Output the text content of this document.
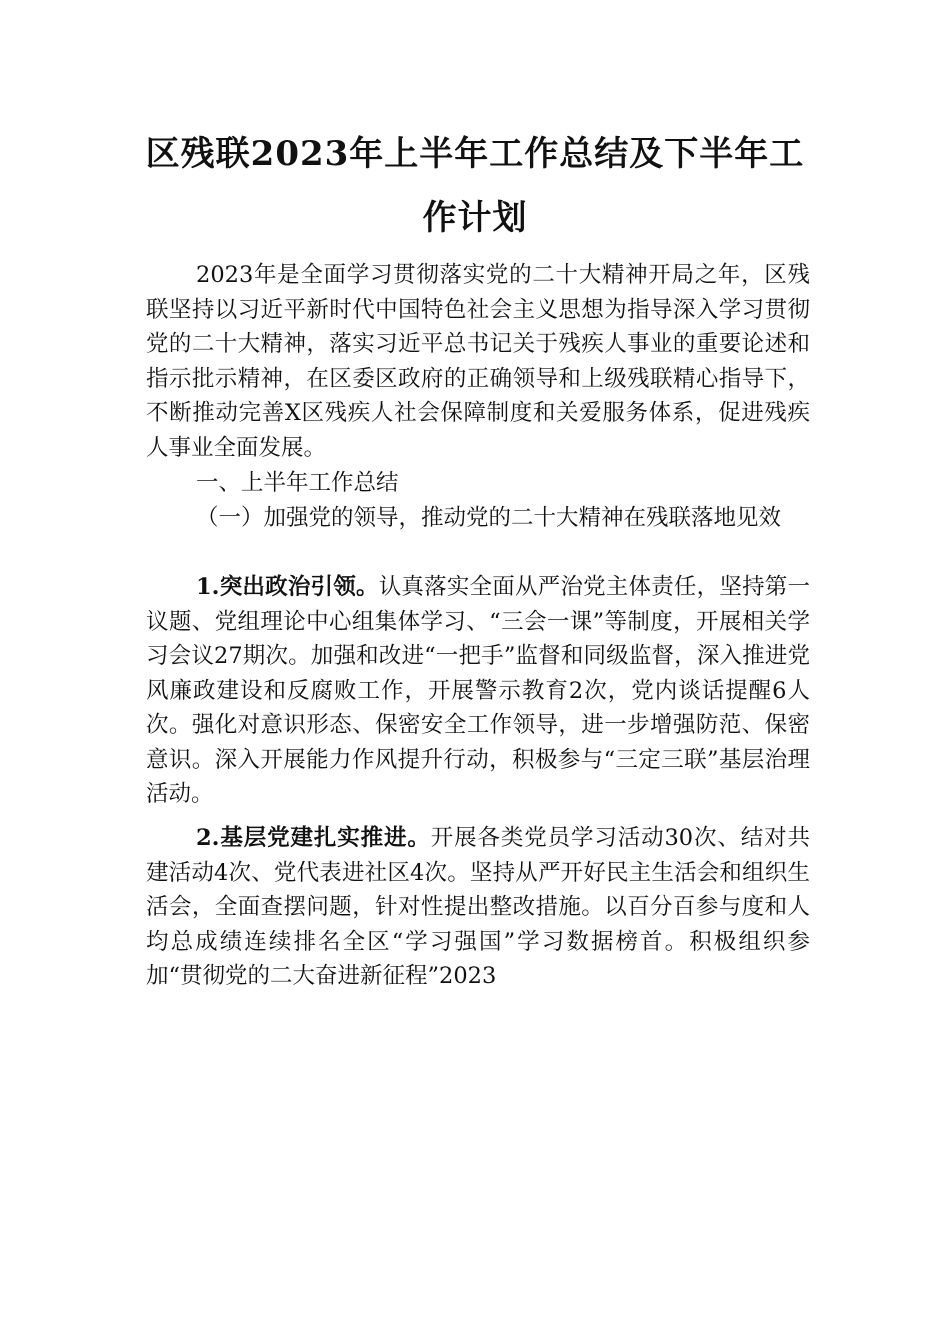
区残联2023年上半年工作总结及下半年工
作计划

2023年是全面学习贯彻落实党的二十大精神开局之年，区残联坚持以习近平新时代中国特色社会主义思想为指导深入学习贯彻党的二十大精神，落实习近平总书记关于残疾人事业的重要论述和指示批示精神，在区委区政府的正确领导和上级残联精心指导下，不断推动完善X区残疾人社会保障制度和关爱服务体系，促进残疾人事业全面发展。

一、上半年工作总结

（一）加强党的领导，推动党的二十大精神在残联落地见效

1.突出政治引领。认真落实全面从严治党主体责任，坚持第一议题、党组理论中心组集体学习、“三会一课”等制度，开展相关学习会议27期次。加强和改进“一把手”监督和同级监督，深入推进党风廉政建设和反腐败工作，开展警示教育2次，党内谈话提醒6人次。强化对意识形态、保密安全工作领导，进一步增强防范、保密意识。深入开展能力作风提升行动，积极参与“三定三联”基层治理活动。

2.基层党建扎实推进。开展各类党员学习活动30次、结对共建活动4次、党代表进社区4次。坚持从严开好民主生活会和组织生活会，全面查摆问题，针对性提出整改措施。以百分百参与度和人均总成绩连续排名全区“学习强国”学习数据榜首。积极组织参加“贯彻党的二大奋进新征程”2023
